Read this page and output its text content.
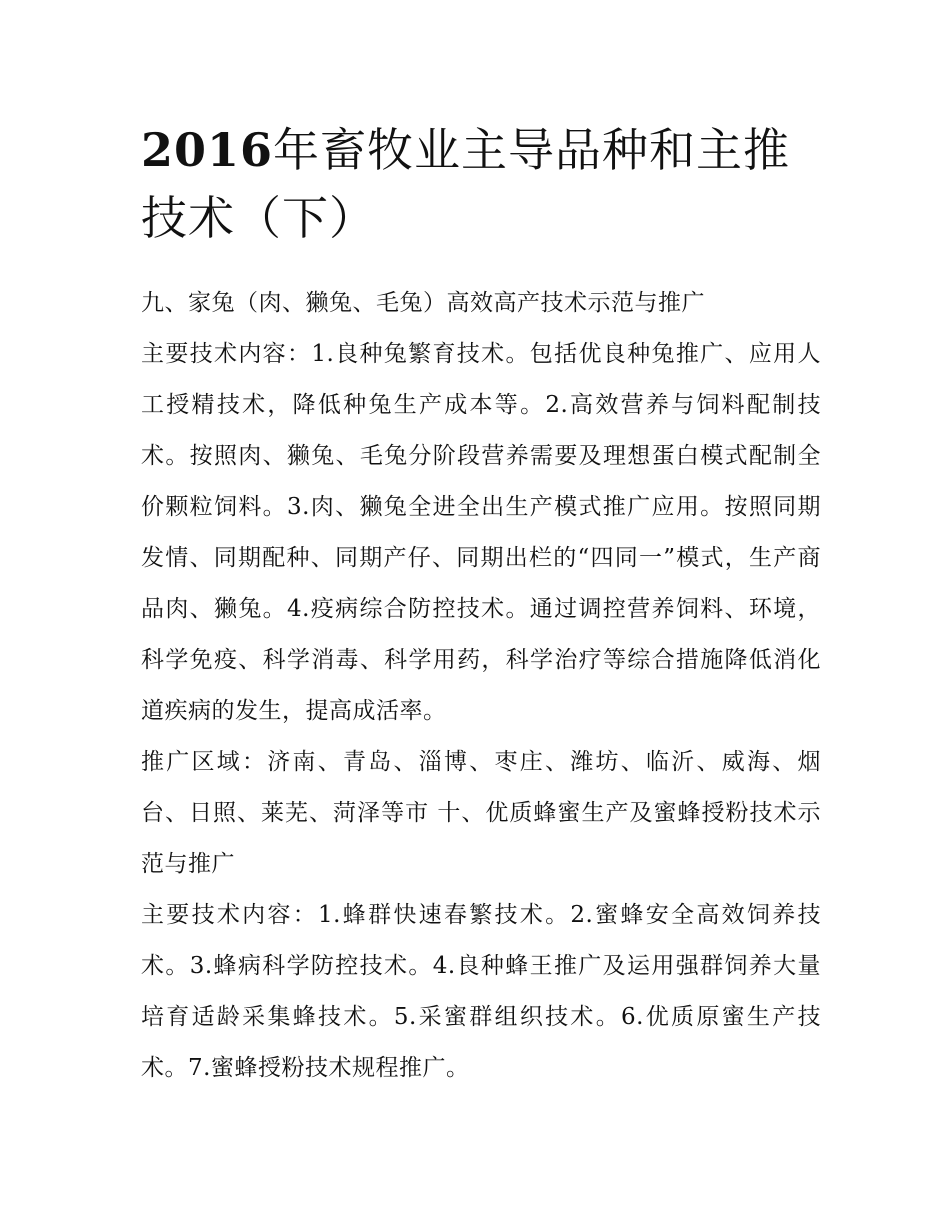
2016年畜牧业主导品种和主推技术（下）

九、家兔（肉、獭兔、毛兔）高效高产技术示范与推广

主要技术内容：1.良种兔繁育技术。包括优良种兔推广、应用人工授精技术，降低种兔生产成本等。2.高效营养与饲料配制技术。按照肉、獭兔、毛兔分阶段营养需要及理想蛋白模式配制全价颗粒饲料。3.肉、獭兔全进全出生产模式推广应用。按照同期发情、同期配种、同期产仔、同期出栏的“四同一”模式，生产商品肉、獭兔。4.疫病综合防控技术。通过调控营养饲料、环境，科学免疫、科学消毒、科学用药，科学治疗等综合措施降低消化道疾病的发生，提高成活率。

推广区域：济南、青岛、淄博、枣庄、潍坊、临沂、威海、烟台、日照、莱芜、菏泽等市 十、优质蜂蜜生产及蜜蜂授粉技术示范与推广

主要技术内容：1.蜂群快速春繁技术。2.蜜蜂安全高效饲养技术。3.蜂病科学防控技术。4.良种蜂王推广及运用强群饲养大量培育适龄采集蜂技术。5.采蜜群组织技术。6.优质原蜜生产技术。7.蜜蜂授粉技术规程推广。
